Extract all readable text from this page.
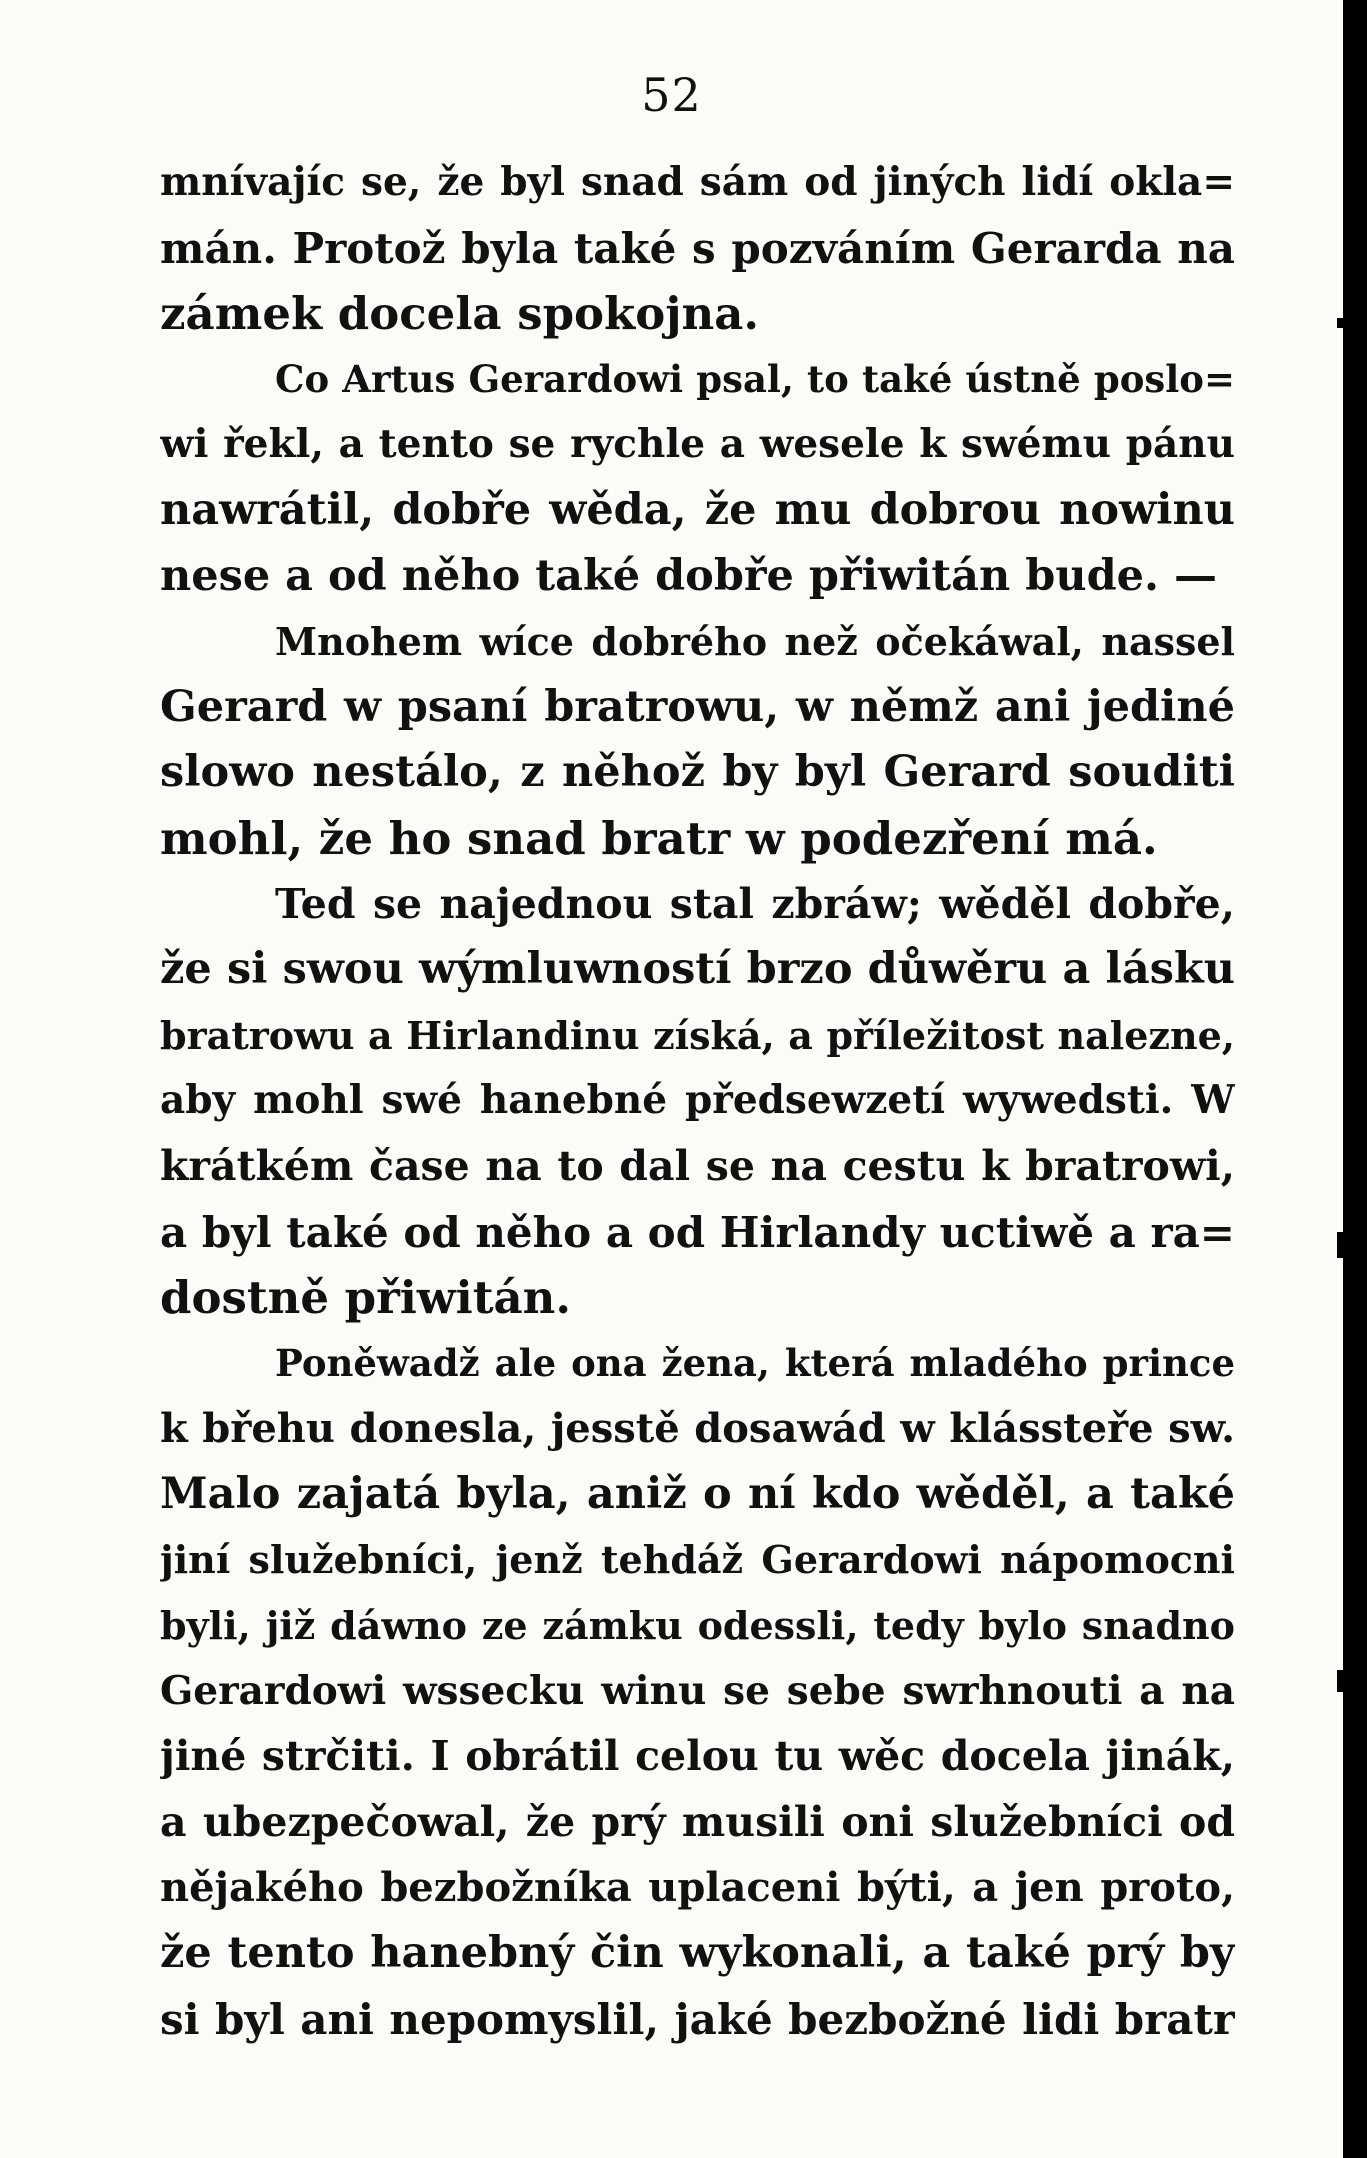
52
mnívajíc se, že byl snad sám od jiných lidí okla=
mán. Protož byla také s pozváním Gerarda na
zámek docela spokojna.
Co Artus Gerardowi psal, to také ústně poslo=
wi řekl, a tento se rychle a wesele k swému pánu
nawrátil, dobře wěda, že mu dobrou nowinu
nese a od něho také dobře přiwitán bude. —
Mnohem wíce dobrého než očekáwal, nassel
Gerard w psaní bratrowu, w němž ani jediné
slowo nestálo, z něhož by byl Gerard souditi
mohl, že ho snad bratr w podezření má.
Ted se najednou stal zbráw; wěděl dobře,
že si swou wýmluwností brzo důwěru a lásku
bratrowu a Hirlandinu získá, a příležitost nalezne,
aby mohl swé hanebné předsewzetí wywedsti. W
krátkém čase na to dal se na cestu k bratrowi,
a byl také od něho a od Hirlandy uctiwě a ra=
dostně přiwitán.
Poněwadž ale ona žena, která mladého prince
k břehu donesla, jesstě dosawád w klássteře sw.
Malo zajatá byla, aniž o ní kdo wěděl, a také
jiní služebníci, jenž tehdáž Gerardowi nápomocni
byli, již dáwno ze zámku odessli, tedy bylo snadno
Gerardowi wssecku winu se sebe swrhnouti a na
jiné strčiti. I obrátil celou tu wěc docela jinák,
a ubezpečowal, že prý musili oni služebníci od
nějakého bezbožníka uplaceni býti, a jen proto,
že tento hanebný čin wykonali, a také prý by
si byl ani nepomyslil, jaké bezbožné lidi bratr
